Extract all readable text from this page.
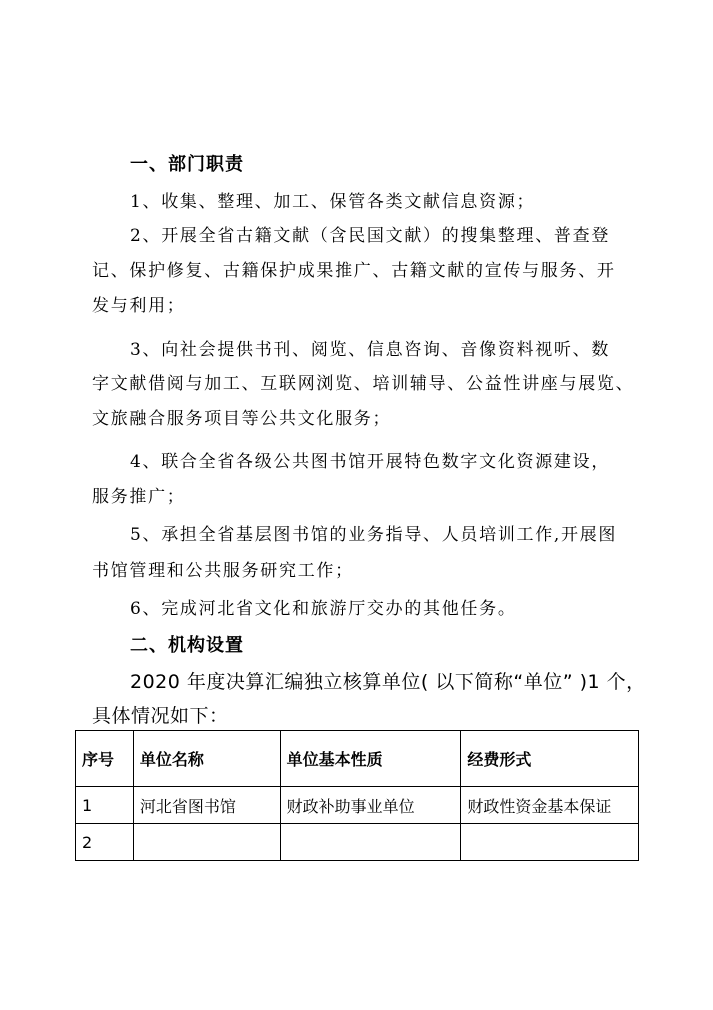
一、部门职责
1、收集、整理、加工、保管各类文献信息资源；
2、开展全省古籍文献（含民国文献）的搜集整理、普查登
记、保护修复、古籍保护成果推广、古籍文献的宣传与服务、开
发与利用；
3、向社会提供书刊、阅览、信息咨询、音像资料视听、数
字文献借阅与加工、互联网浏览、培训辅导、公益性讲座与展览、
文旅融合服务项目等公共文化服务；
4、联合全省各级公共图书馆开展特色数字文化资源建设，
服务推广；
5、承担全省基层图书馆的业务指导、人员培训工作,开展图
书馆管理和公共服务研究工作；
6、完成河北省文化和旅游厅交办的其他任务。
二、机构设置
2020 年度决算汇编独立核算单位( 以下简称“单位” )1 个，
具体情况如下：
序号	单位名称	单位基本性质	经费形式
1	河北省图书馆	财政补助事业单位	财政性资金基本保证
2			
